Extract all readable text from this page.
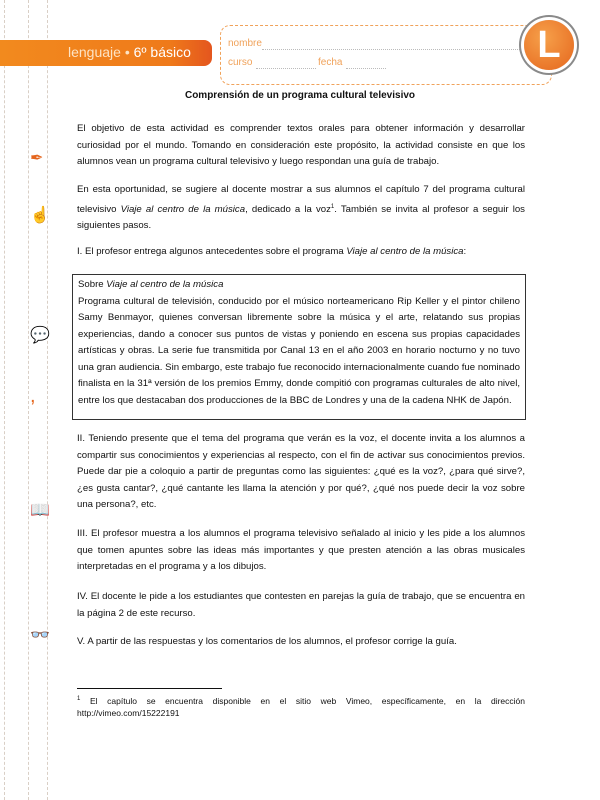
✒
☝
💬
,
📖
👓
lenguaje • 6º básico
nombre
curso	fecha	L
Comprensión de un programa cultural televisivo

El objetivo de esta actividad es comprender textos orales para obtener información y desarrollar curiosidad por el mundo. Tomando en consideración este propósito, la actividad consiste en que los alumnos vean un programa cultural televisivo y luego respondan una guía de trabajo.

En esta oportunidad, se sugiere al docente mostrar a sus alumnos el capítulo 7 del programa cultural televisivo Viaje al centro de la música, dedicado a la voz$^1$. También se invita al profesor a seguir los siguientes pasos.

I. El profesor entrega algunos antecedentes sobre el programa Viaje al centro de la música:

Sobre Viaje al centro de la música

Programa cultural de televisión, conducido por el músico norteamericano Rip Keller y el pintor chileno Samy Benmayor, quienes conversan libremente sobre la música y el arte, relatando sus propias experiencias, dando a conocer sus puntos de vistas y poniendo en escena sus propias capacidades artísticas y obras. La serie fue transmitida por Canal 13 en el año 2003 en horario nocturno y no tuvo una gran audiencia. Sin embargo, este trabajo fue reconocido internacionalmente cuando fue nominado finalista en la 31ª versión de los premios Emmy, donde compitió con programas culturales de alto nivel, entre los que destacaban dos producciones de la BBC de Londres y una de la cadena NHK de Japón.

II. Teniendo presente que el tema del programa que verán es la voz, el docente invita a los alumnos a compartir sus conocimientos y experiencias al respecto, con el fin de activar sus conocimientos previos. Puede dar pie a coloquio a partir de preguntas como las siguientes: ¿qué es la voz?, ¿para qué sirve?, ¿es gusta cantar?, ¿qué cantante les llama la atención y por qué?, ¿qué nos puede decir la voz sobre una persona?, etc.

III. El profesor muestra a los alumnos el programa televisivo señalado al inicio y les pide a los alumnos que tomen apuntes sobre las ideas más importantes y que presten atención a las obras musicales interpretadas en el programa y a los dibujos.

IV. El docente le pide a los estudiantes que contesten en parejas la guía de trabajo, que se encuentra en la página 2 de este recurso.

V. A partir de las respuestas y los comentarios de los alumnos, el profesor corrige la guía.

$^1$ El capítulo se encuentra disponible en el sitio web Vimeo, específicamente, en la dirección http://vimeo.com/15222191
